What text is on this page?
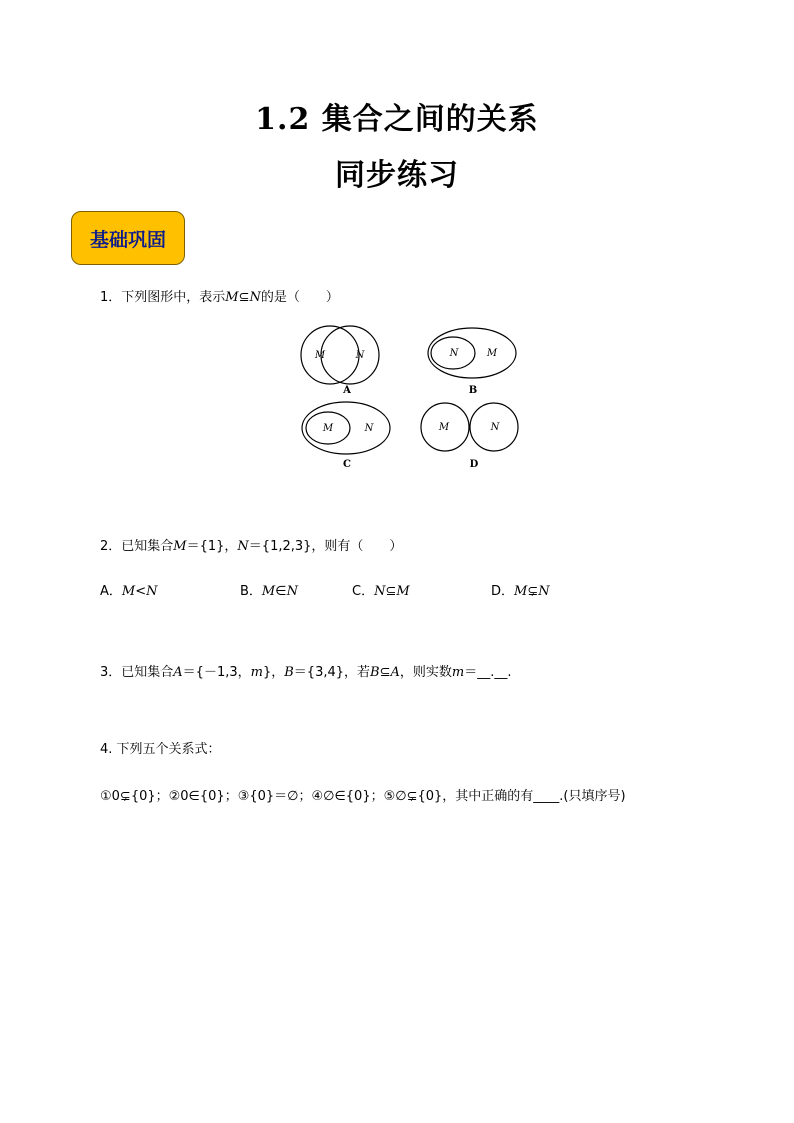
1.2 集合之间的关系
同步练习
基础巩固
1．下列图形中，表示M⊆N的是（　　）
M	N	N	M
M	N	M	N
A	B
C	D
2．已知集合M＝{1}，N＝{1,2,3}，则有（　　）
A．M<N	B．M∈N	C．N⊆M	D．M⊊N
3．已知集合A＝{－1,3，m}，B＝{3,4}，若B⊆A，则实数m＝__.__.
4. 下列五个关系式：
①0⊊{0}；②0∈{0}；③{0}＝∅；④∅∈{0}；⑤∅⊊{0}，其中正确的有____.(只填序号)
